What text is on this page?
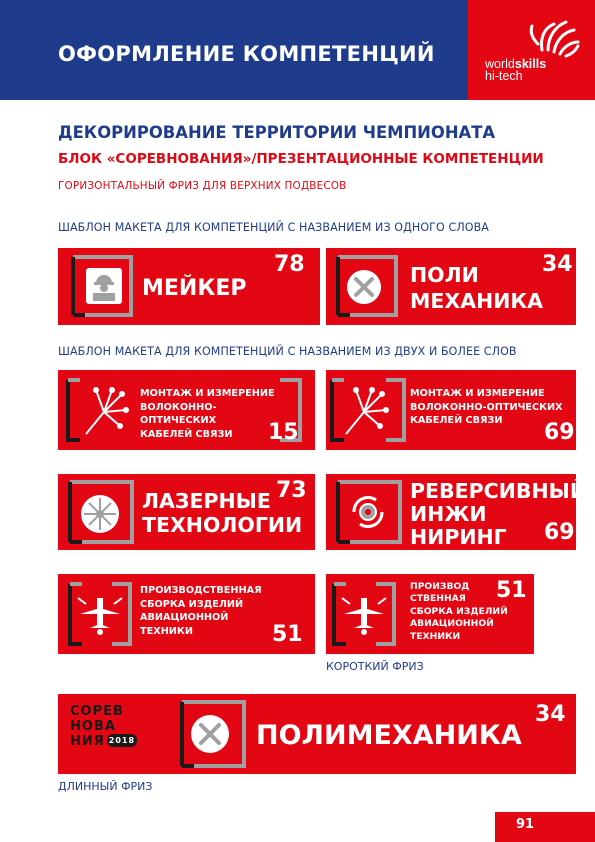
ОФОРМЛЕНИЕ КОМПЕТЕНЦИЙ	worldskills
hi-tech
ДЕКОРИРОВАНИЕ ТЕРРИТОРИИ ЧЕМПИОНАТА
БЛОК «СОРЕВНОВАНИЯ»/ПРЕЗЕНТАЦИОННЫЕ КОМПЕТЕНЦИИ
ГОРИЗОНТАЛЬНЫЙ ФРИЗ ДЛЯ ВЕРХНИХ ПОДВЕСОВ
ШАБЛОН МАКЕТА ДЛЯ КОМПЕТЕНЦИЙ С НАЗВАНИЕМ ИЗ ОДНОГО СЛОВА
МЕЙКЕР
78	ПОЛИ
МЕХАНИКА
34
ШАБЛОН МАКЕТА ДЛЯ КОМПЕТЕНЦИЙ С НАЗВАНИЕМ ИЗ ДВУХ И БОЛЕЕ СЛОВ
МОНТАЖ И ИЗМЕРЕНИЕ
ВОЛОКОННО-
ОПТИЧЕСКИХ
КАБЕЛЕЙ СВЯЗИ	15
МОНТАЖ И ИЗМЕРЕНИЕ
ВОЛОКОННО-ОПТИЧЕСКИХ
КАБЕЛЕЙ СВЯЗИ	69
ЛАЗЕРНЫЕ
ТЕХНОЛОГИИ
73	РЕВЕРСИВНЫЙ
ИНЖИ
НИРИНГ 69
ПРОИЗВОДСТВЕННАЯ
СБОРКА ИЗДЕЛИЙ
АВИАЦИОННОЙ
ТЕХНИКИ	51
ПРОИЗВОД
СТВЕННАЯ
СБОРКА ИЗДЕЛИЙ
АВИАЦИОННОЙ
ТЕХНИКИ
51
КОРОТКИЙ ФРИЗ
СОРЕВ
НОВА
НИЯ 2018	ПОЛИМЕХАНИКА
34
ДЛИННЫЙ ФРИЗ
91
